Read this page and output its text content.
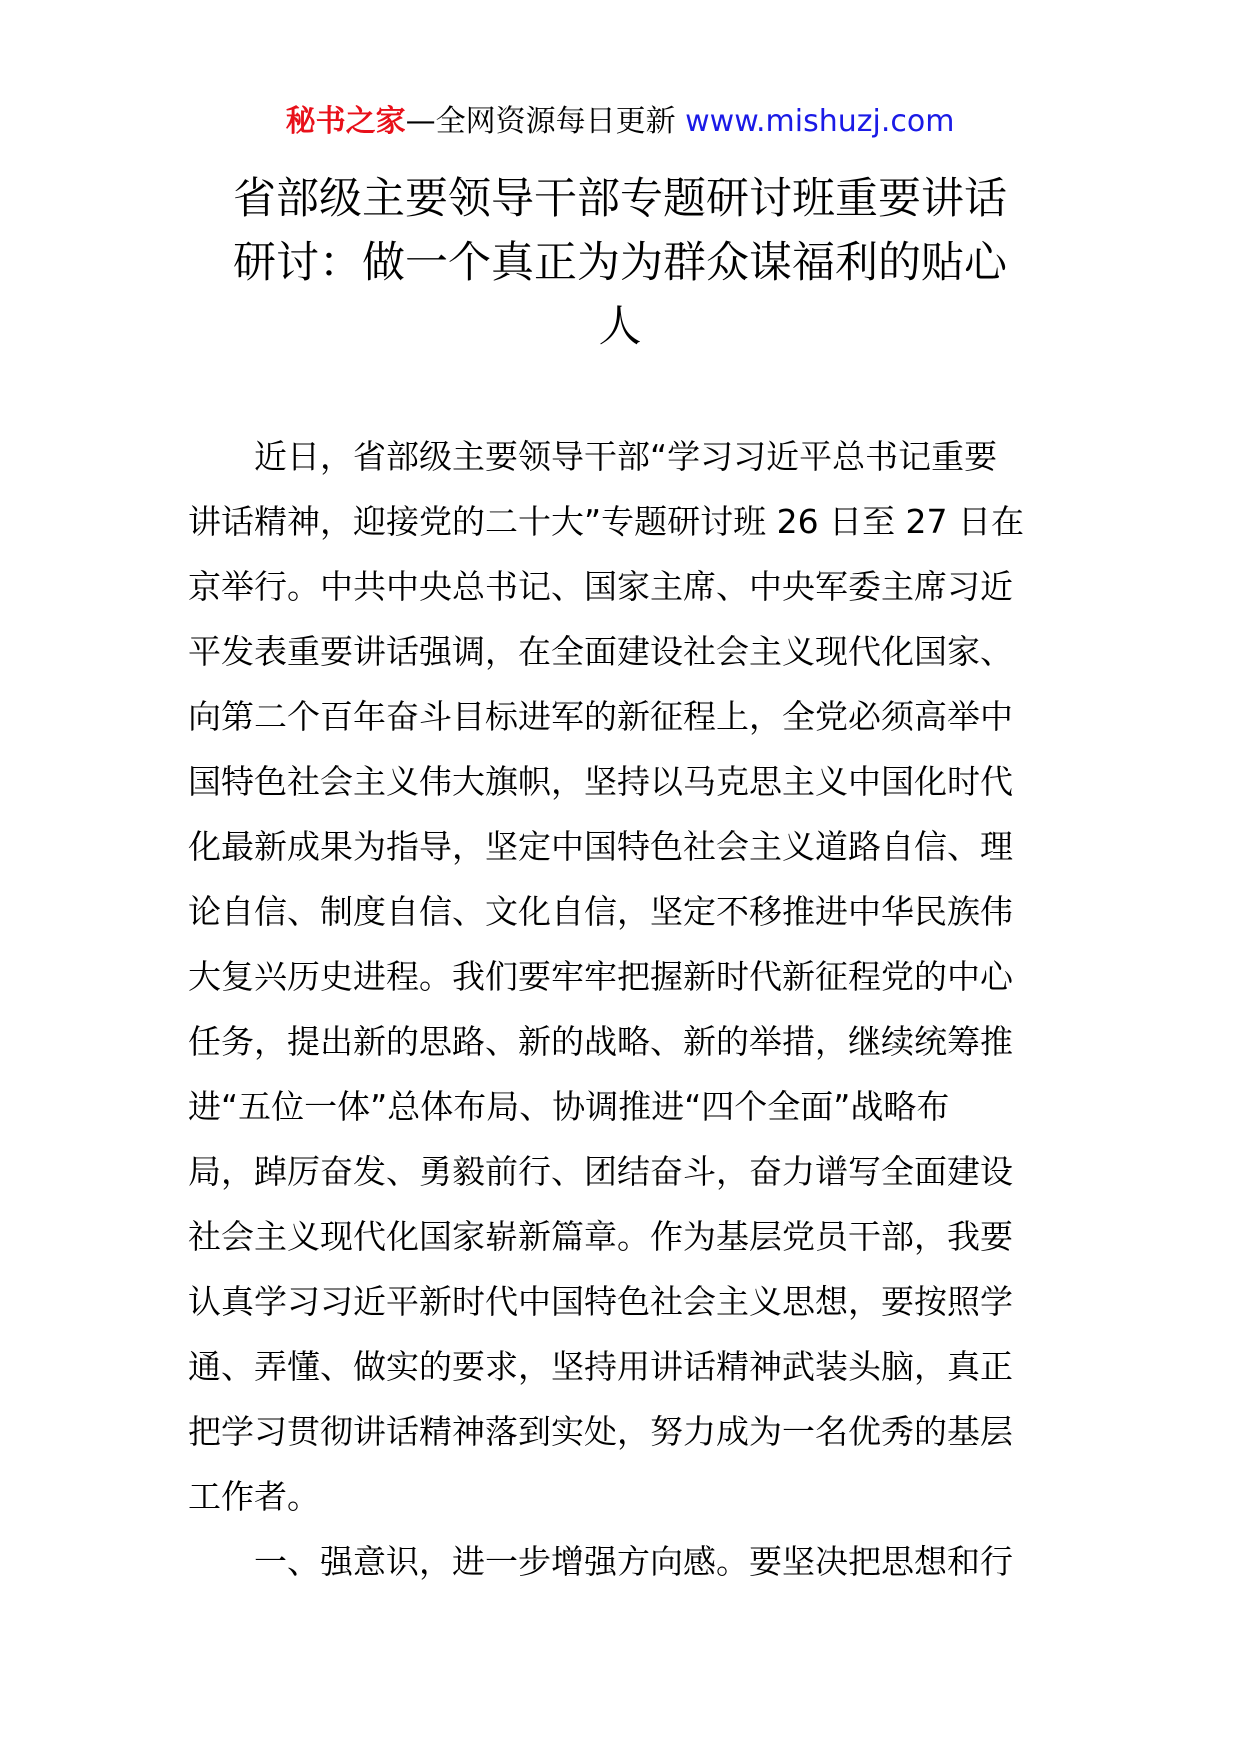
秘书之家—全网资源每日更新 www.mishuzj.com
省部级主要领导干部专题研讨班重要讲话
研讨：做一个真正为为群众谋福利的贴心
人
近日，省部级主要领导干部“学习习近平总书记重要
讲话精神，迎接党的二十大”专题研讨班 26 日至 27 日在
京举行。中共中央总书记、国家主席、中央军委主席习近
平发表重要讲话强调，在全面建设社会主义现代化国家、
向第二个百年奋斗目标进军的新征程上，全党必须高举中
国特色社会主义伟大旗帜，坚持以马克思主义中国化时代
化最新成果为指导，坚定中国特色社会主义道路自信、理
论自信、制度自信、文化自信，坚定不移推进中华民族伟
大复兴历史进程。我们要牢牢把握新时代新征程党的中心
任务，提出新的思路、新的战略、新的举措，继续统筹推
进“五位一体”总体布局、协调推进“四个全面”战略布
局，踔厉奋发、勇毅前行、团结奋斗，奋力谱写全面建设
社会主义现代化国家崭新篇章。作为基层党员干部，我要
认真学习习近平新时代中国特色社会主义思想，要按照学
通、弄懂、做实的要求，坚持用讲话精神武装头脑，真正
把学习贯彻讲话精神落到实处，努力成为一名优秀的基层
工作者。
一、强意识，进一步增强方向感。要坚决把思想和行
